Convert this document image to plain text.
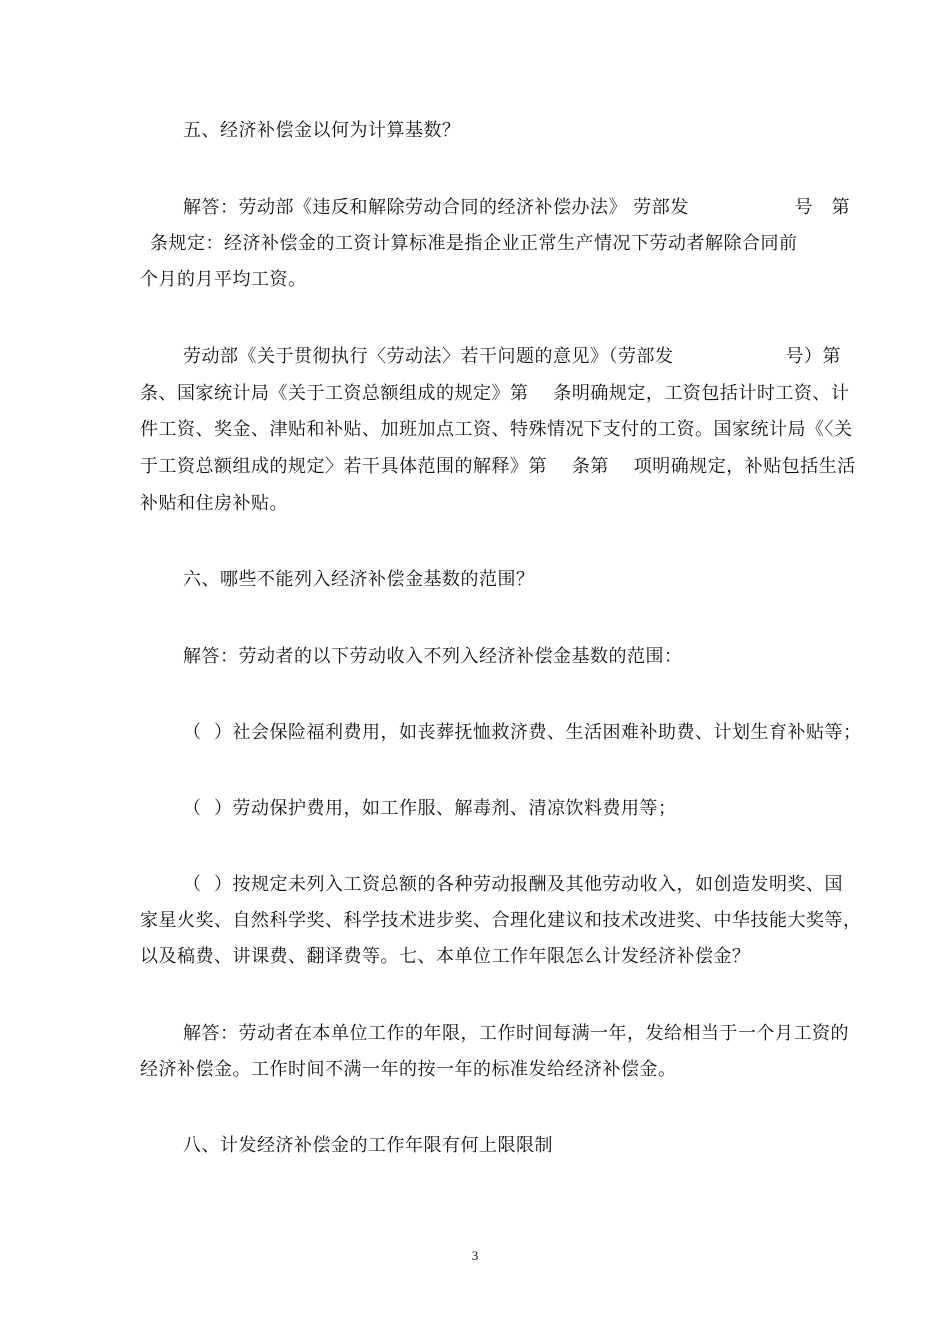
五、经济补偿金以何为计算基数？
解答：劳动部《违反和解除劳动合同的经济补偿办法》 劳部发                 号   第
条规定：经济补偿金的工资计算标准是指企业正常生产情况下劳动者解除合同前
个月的月平均工资。
劳动部《关于贯彻执行〈劳动法〉若干问题的意见》（劳部发                  号）第
条、国家统计局《关于工资总额组成的规定》第    条明确规定，工资包括计时工资、计
件工资、奖金、津贴和补贴、加班加点工资、特殊情况下支付的工资。国家统计局《〈关
于工资总额组成的规定〉若干具体范围的解释》第    条第    项明确规定，补贴包括生活
补贴和住房补贴。
六、哪些不能列入经济补偿金基数的范围？
解答：劳动者的以下劳动收入不列入经济补偿金基数的范围：
（  ）社会保险福利费用，如丧葬抚恤救济费、生活困难补助费、计划生育补贴等；
（  ）劳动保护费用，如工作服、解毒剂、清凉饮料费用等；
（  ）按规定未列入工资总额的各种劳动报酬及其他劳动收入，如创造发明奖、国
家星火奖、自然科学奖、科学技术进步奖、合理化建议和技术改进奖、中华技能大奖等，
以及稿费、讲课费、翻译费等。七、本单位工作年限怎么计发经济补偿金？
解答：劳动者在本单位工作的年限，工作时间每满一年，发给相当于一个月工资的
经济补偿金。工作时间不满一年的按一年的标准发给经济补偿金。
八、计发经济补偿金的工作年限有何上限限制
3
